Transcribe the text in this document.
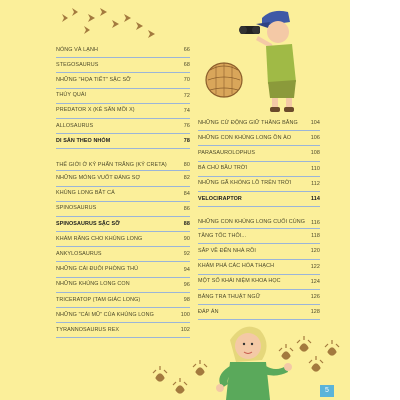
NÓNG VÀ LẠNH	66
STEGOSAURUS	68
NHỮNG "HỌA TIẾT" SẶC SỠ	70
THỦY QUÁI	72
PREDATOR X (KẺ SĂN MỒI X)	74
ALLOSAURUS	76
DI SẢN THEO NHÓM	78
THẾ GIỚI Ở KỶ PHẤN TRẮNG (KỶ CRETA)	80
NHỮNG MÓNG VUỐT ĐÁNG SỢ	82
KHỦNG LONG BẮT CÁ	84
SPINOSAURUS	86
SPINOSAURUS SẶC SỠ	88
KHÁM RĂNG CHO KHỦNG LONG	90
ANKYLOSAURUS	92
NHỮNG CÁI ĐUÔI PHÒNG THỦ	94
NHỮNG KHỦNG LONG CON	96
TRICERATOP (TAM GIÁC LONG)	98
NHỮNG "CÁI MŨ" CỦA KHỦNG LONG	100
TYRANNOSAURUS REX	102
NHỮNG CỬ ĐỘNG GIỮ THĂNG BẰNG	104
NHỮNG CON KHỦNG LONG ỒN ÀO	106
PARASAUROLOPHUS	108
BÁ CHỦ BẦU TRỜI	110
NHỮNG GÃ KHỔNG LỒ TRÊN TRỜI	112
VELOCIRAPTOR	114
NHỮNG CON KHỦNG LONG CUỐI CÙNG	116
TĂNG TỐC THÔI...	118
SẮP VỀ ĐẾN NHÀ RỒI	120
KHÁM PHÁ CÁC HÓA THẠCH	122
MỘT SỐ KHÁI NIỆM KHOA HỌC	124
BẢNG TRA THUẬT NGỮ	126
ĐÁP ÁN	128
5
